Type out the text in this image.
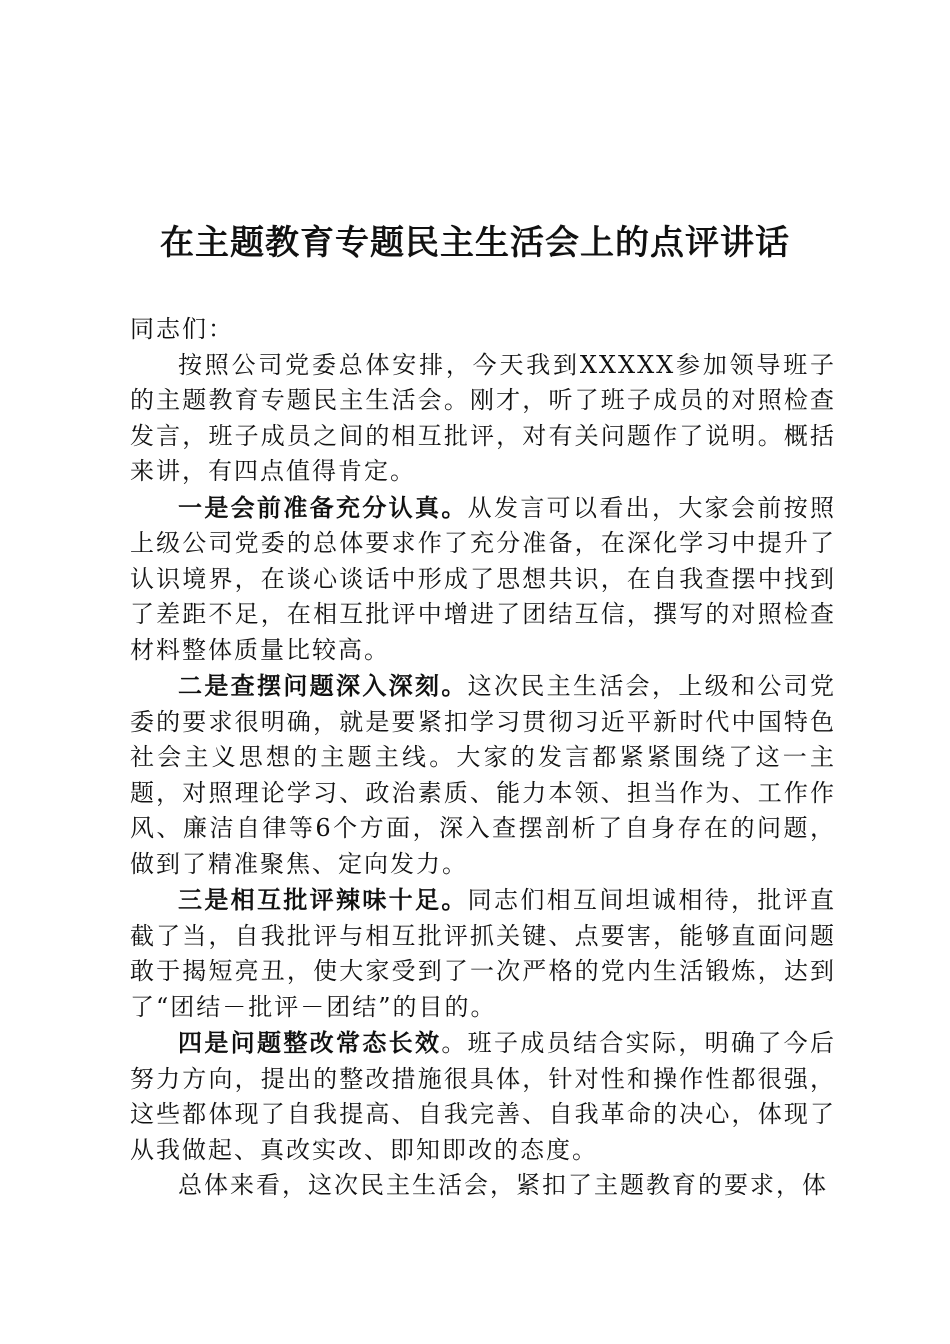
在主题教育专题民主生活会上的点评讲话

同志们：

按照公司党委总体安排，今天我到XXXXX参加领导班子的主题教育专题民主生活会。刚才，听了班子成员的对照检查发言，班子成员之间的相互批评，对有关问题作了说明。概括来讲，有四点值得肯定。

一是会前准备充分认真。从发言可以看出，大家会前按照上级公司党委的总体要求作了充分准备，在深化学习中提升了认识境界，在谈心谈话中形成了思想共识，在自我查摆中找到了差距不足，在相互批评中增进了团结互信，撰写的对照检查材料整体质量比较高。

二是查摆问题深入深刻。这次民主生活会，上级和公司党委的要求很明确，就是要紧扣学习贯彻习近平新时代中国特色社会主义思想的主题主线。大家的发言都紧紧围绕了这一主题，对照理论学习、政治素质、能力本领、担当作为、工作作风、廉洁自律等6个方面，深入查摆剖析了自身存在的问题，做到了精准聚焦、定向发力。

三是相互批评辣味十足。同志们相互间坦诚相待，批评直截了当，自我批评与相互批评抓关键、点要害，能够直面问题敢于揭短亮丑，使大家受到了一次严格的党内生活锻炼，达到了“团结－批评－团结”的目的。

四是问题整改常态长效。班子成员结合实际，明确了今后努力方向，提出的整改措施很具体，针对性和操作性都很强，这些都体现了自我提高、自我完善、自我革命的决心，体现了从我做起、真改实改、即知即改的态度。

总体来看，这次民主生活会，紧扣了主题教育的要求，体
